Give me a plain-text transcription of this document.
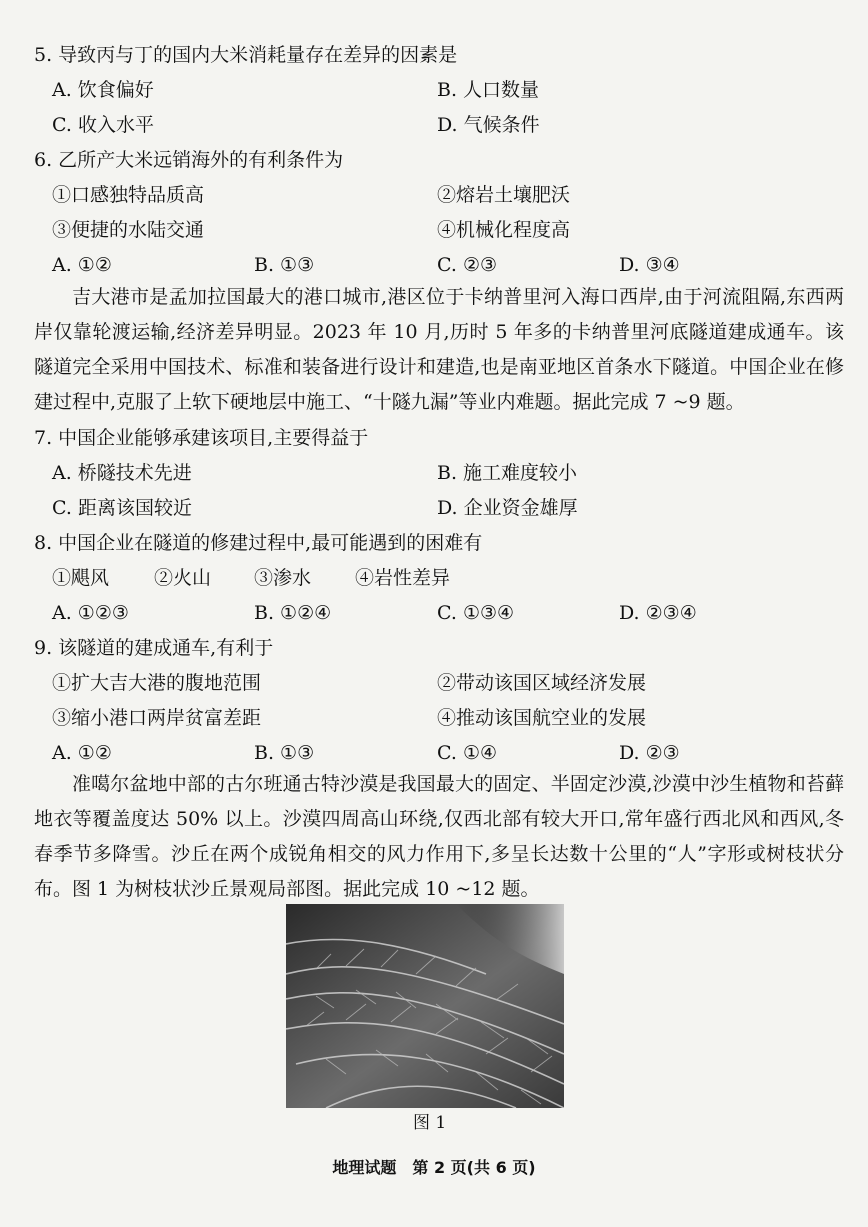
5. 导致丙与丁的国内大米消耗量存在差异的因素是
A. 饮食偏好	B. 人口数量
C. 收入水平	D. 气候条件
6. 乙所产大米远销海外的有利条件为
①口感独特品质高	②熔岩土壤肥沃
③便捷的水陆交通	④机械化程度高
A. ①②	B. ①③	C. ②③	D. ③④
吉大港市是孟加拉国最大的港口城市,港区位于卡纳普里河入海口西岸,由于河流阻隔,东西两岸仅靠轮渡运输,经济差异明显。2023 年 10 月,历时 5 年多的卡纳普里河底隧道建成通车。该隧道完全采用中国技术、标准和装备进行设计和建造,也是南亚地区首条水下隧道。中国企业在修建过程中,克服了上软下硬地层中施工、“十隧九漏”等业内难题。据此完成 7 ~9 题。
7. 中国企业能够承建该项目,主要得益于
A. 桥隧技术先进	B. 施工难度较小
C. 距离该国较近	D. 企业资金雄厚
8. 中国企业在隧道的修建过程中,最可能遇到的困难有
①飓风 ②火山 ③渗水 ④岩性差异
A. ①②③	B. ①②④	C. ①③④	D. ②③④
9. 该隧道的建成通车,有利于
①扩大吉大港的腹地范围	②带动该国区域经济发展
③缩小港口两岸贫富差距	④推动该国航空业的发展
A. ①②	B. ①③	C. ①④	D. ②③
准噶尔盆地中部的古尔班通古特沙漠是我国最大的固定、半固定沙漠,沙漠中沙生植物和苔藓地衣等覆盖度达 50% 以上。沙漠四周高山环绕,仅西北部有较大开口,常年盛行西北风和西风,冬春季节多降雪。沙丘在两个成锐角相交的风力作用下,多呈长达数十公里的“人”字形或树枝状分布。图 1 为树枝状沙丘景观局部图。据此完成 10 ~12 题。
图 1
地理试题　第 2 页(共 6 页)
